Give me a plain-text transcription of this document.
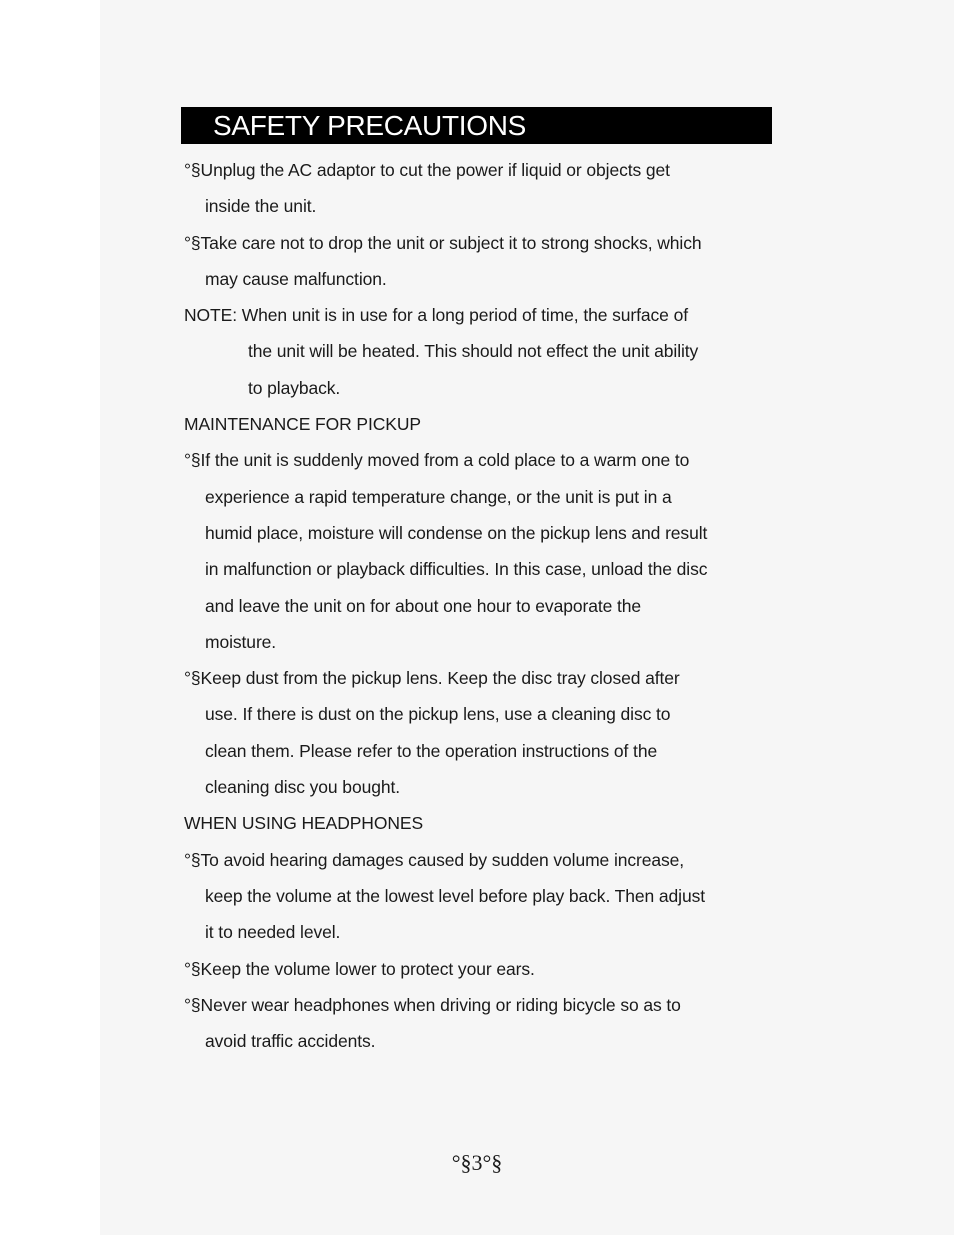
SAFETY PRECAUTIONS
°§Unplug the AC adaptor to cut the power if liquid or objects get
inside the unit.
°§Take care not to drop the unit or subject it to strong shocks, which
may cause malfunction.
NOTE: When unit is in use for a long period of time, the surface of
the unit will be heated. This should not effect the unit ability
to playback.
MAINTENANCE FOR PICKUP
°§If the unit is suddenly moved from a cold place to a warm one to
experience a rapid temperature change, or the unit is put in a
humid place, moisture will condense on the pickup lens and result
in malfunction or playback difficulties. In this case, unload the disc
and leave the unit on for about one hour to evaporate the
moisture.
°§Keep dust from the pickup lens. Keep the disc tray closed after
use. If there is dust on the pickup lens, use a cleaning disc to
clean them. Please refer to the operation instructions of the
cleaning disc you bought.
WHEN USING HEADPHONES
°§To avoid hearing damages caused by sudden volume increase,
keep the volume at the lowest level before play back. Then adjust
it to needed level.
°§Keep the volume lower to protect your ears.
°§Never wear headphones when driving or riding bicycle so as to
avoid traffic accidents.
°§3°§
